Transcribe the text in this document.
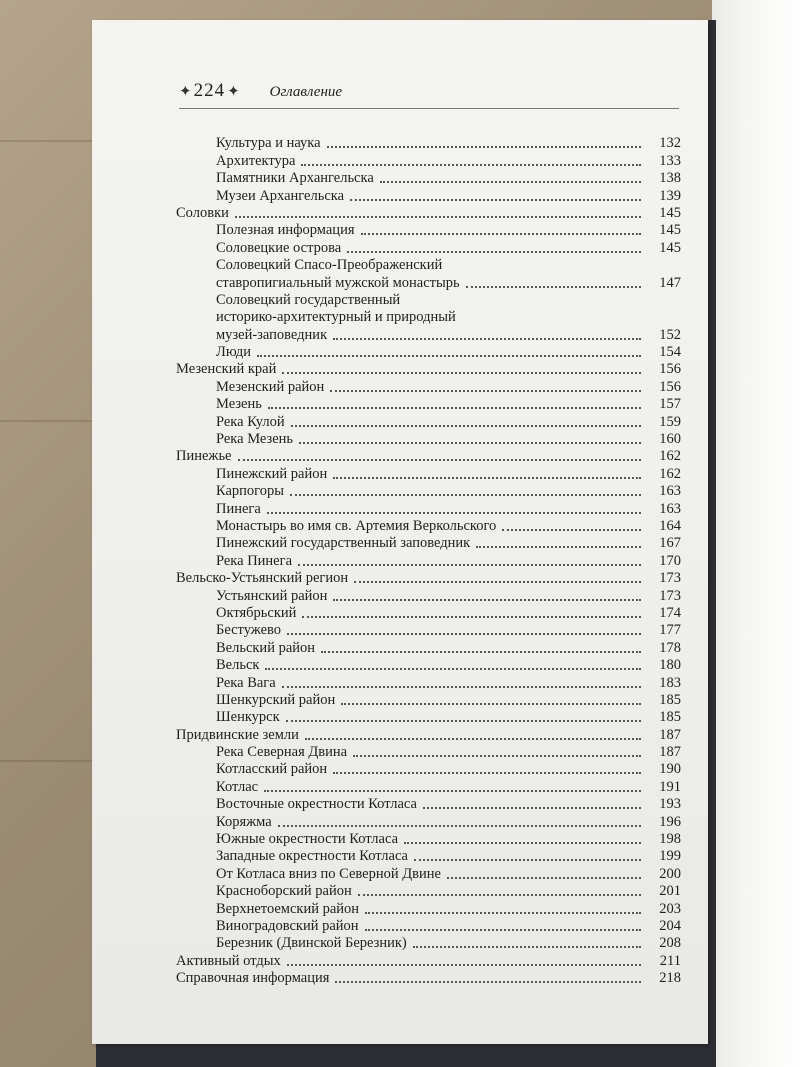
✦ 224 ✦ Оглавление
Культура и наука	132
Архитектура	133
Памятники Архангельска	138
Музеи Архангельска	139
Соловки	145
Полезная информация	145
Соловецкие острова	145
Соловецкий Спасо-Преображенский
ставропигиальный мужской монастырь	147
Соловецкий государственный
историко-архитектурный и природный
музей-заповедник	152
Люди	154
Мезенский край	156
Мезенский район	156
Мезень	157
Река Кулой	159
Река Мезень	160
Пинежье	162
Пинежский район	162
Карпогоры	163
Пинега	163
Монастырь во имя св. Артемия Веркольского	164
Пинежский государственный заповедник	167
Река Пинега	170
Вельско-Устьянский регион	173
Устьянский район	173
Октябрьский	174
Бестужево	177
Вельский район	178
Вельск	180
Река Вага	183
Шенкурский район	185
Шенкурск	185
Придвинские земли	187
Река Северная Двина	187
Котласский район	190
Котлас	191
Восточные окрестности Котласа	193
Коряжма	196
Южные окрестности Котласа	198
Западные окрестности Котласа	199
От Котласа вниз по Северной Двине	200
Красноборский район	201
Верхнетоемский район	203
Виноградовский район	204
Березник (Двинской Березник)	208
Активный отдых	211
Справочная информация	218
